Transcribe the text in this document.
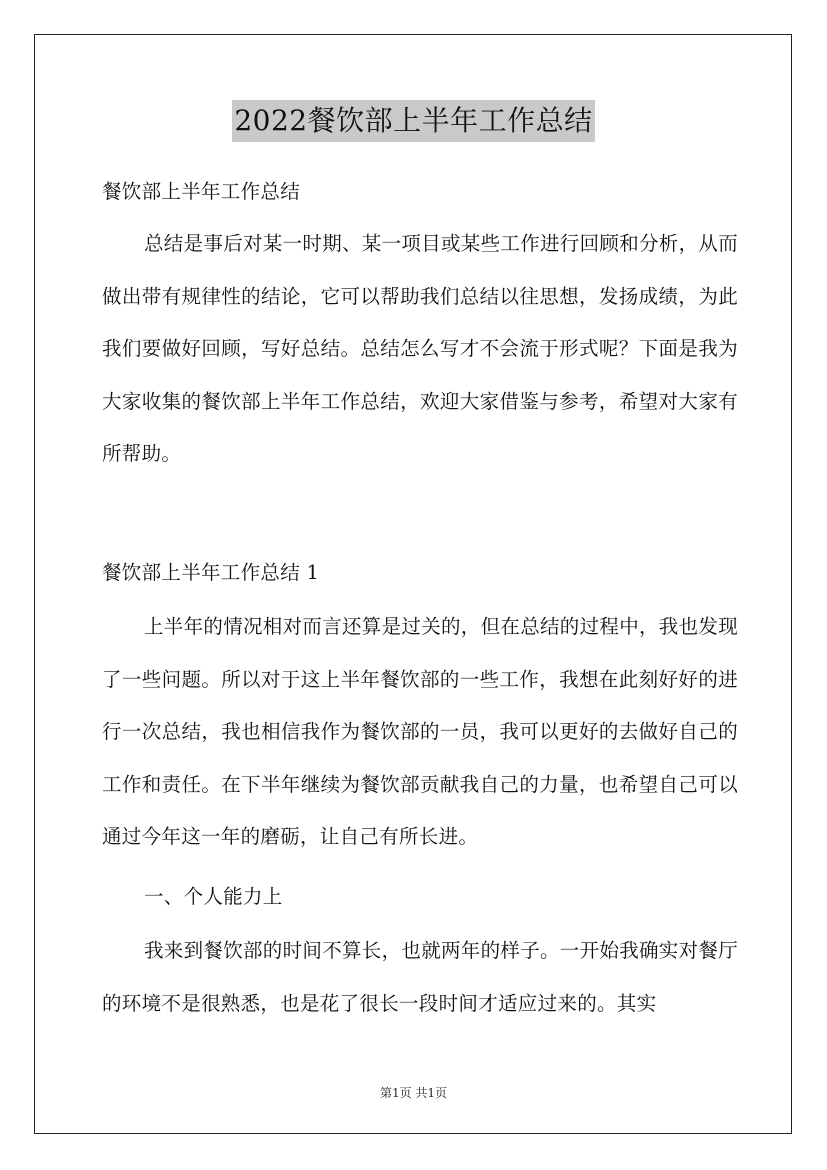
2022餐饮部上半年工作总结
餐饮部上半年工作总结
总结是事后对某一时期、某一项目或某些工作进行回顾和分析，从而做出带有规律性的结论，它可以帮助我们总结以往思想，发扬成绩，为此我们要做好回顾，写好总结。总结怎么写才不会流于形式呢？下面是我为大家收集的餐饮部上半年工作总结，欢迎大家借鉴与参考，希望对大家有所帮助。
餐饮部上半年工作总结 1
上半年的情况相对而言还算是过关的，但在总结的过程中，我也发现了一些问题。所以对于这上半年餐饮部的一些工作，我想在此刻好好的进行一次总结，我也相信我作为餐饮部的一员，我可以更好的去做好自己的工作和责任。在下半年继续为餐饮部贡献我自己的力量，也希望自己可以通过今年这一年的磨砺，让自己有所长进。
一、个人能力上
我来到餐饮部的时间不算长，也就两年的样子。一开始我确实对餐厅的环境不是很熟悉，也是花了很长一段时间才适应过来的。其实
第1页 共1页
